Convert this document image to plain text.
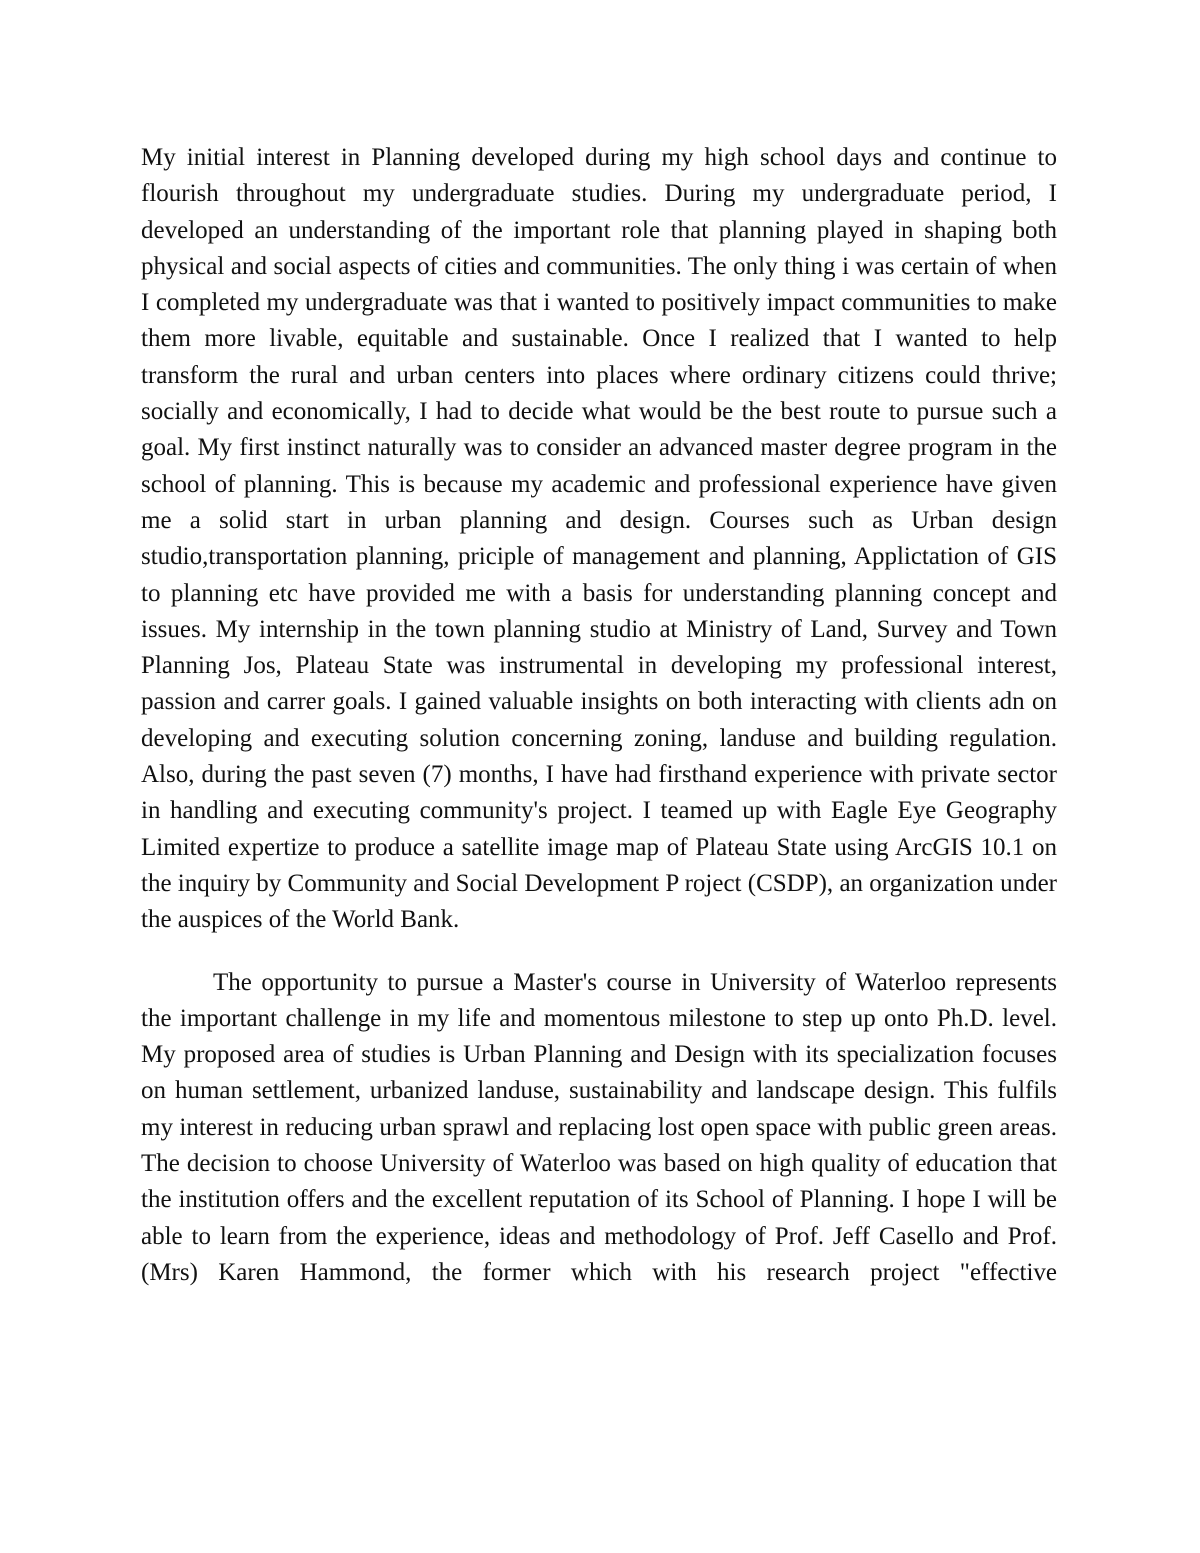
My initial interest in Planning developed during my high school days and continue to flourish throughout my undergraduate studies. During my undergraduate period, I developed an understanding of the important role that planning played in shaping both physical and social aspects of cities and communities. The only thing i was certain of when I completed my undergraduate was that i wanted to positively impact communities to make them more livable, equitable and sustainable. Once I realized that I wanted to help transform the rural and urban centers into places where ordinary citizens could thrive; socially and economically, I had to decide what would be the best route to pursue such a goal. My first instinct naturally was to consider an advanced master degree program in the school of planning. This is because my academic and professional experience have given me a solid start in urban planning and design. Courses such as Urban design studio,transportation planning, priciple of management and planning, Applictation of GIS to planning etc have provided me with a basis for understanding planning concept and issues. My internship in the town planning studio at Ministry of Land, Survey and Town Planning Jos, Plateau State was instrumental in developing my professional interest, passion and carrer goals. I gained valuable insights on both interacting with clients adn on developing and executing solution concerning zoning, landuse and building regulation. Also, during the past seven (7) months, I have had firsthand experience with private sector in handling and executing community's project. I teamed up with Eagle Eye Geography Limited expertize to produce a satellite image map of Plateau State using ArcGIS 10.1 on the inquiry by Community and Social Development P roject (CSDP), an organization under the auspices of the World Bank.

The opportunity to pursue a Master's course in University of Waterloo represents the important challenge in my life and momentous milestone to step up onto Ph.D. level. My proposed area of studies is Urban Planning and Design with its specialization focuses on human settlement, urbanized landuse, sustainability and landscape design. This fulfils my interest in reducing urban sprawl and replacing lost open space with public green areas. The decision to choose University of Waterloo was based on high quality of education that the institution offers and the excellent reputation of its School of Planning. I hope I will be able to learn from the experience, ideas and methodology of Prof. Jeff Casello and Prof. (Mrs) Karen Hammond, the former which with his research project "effective
